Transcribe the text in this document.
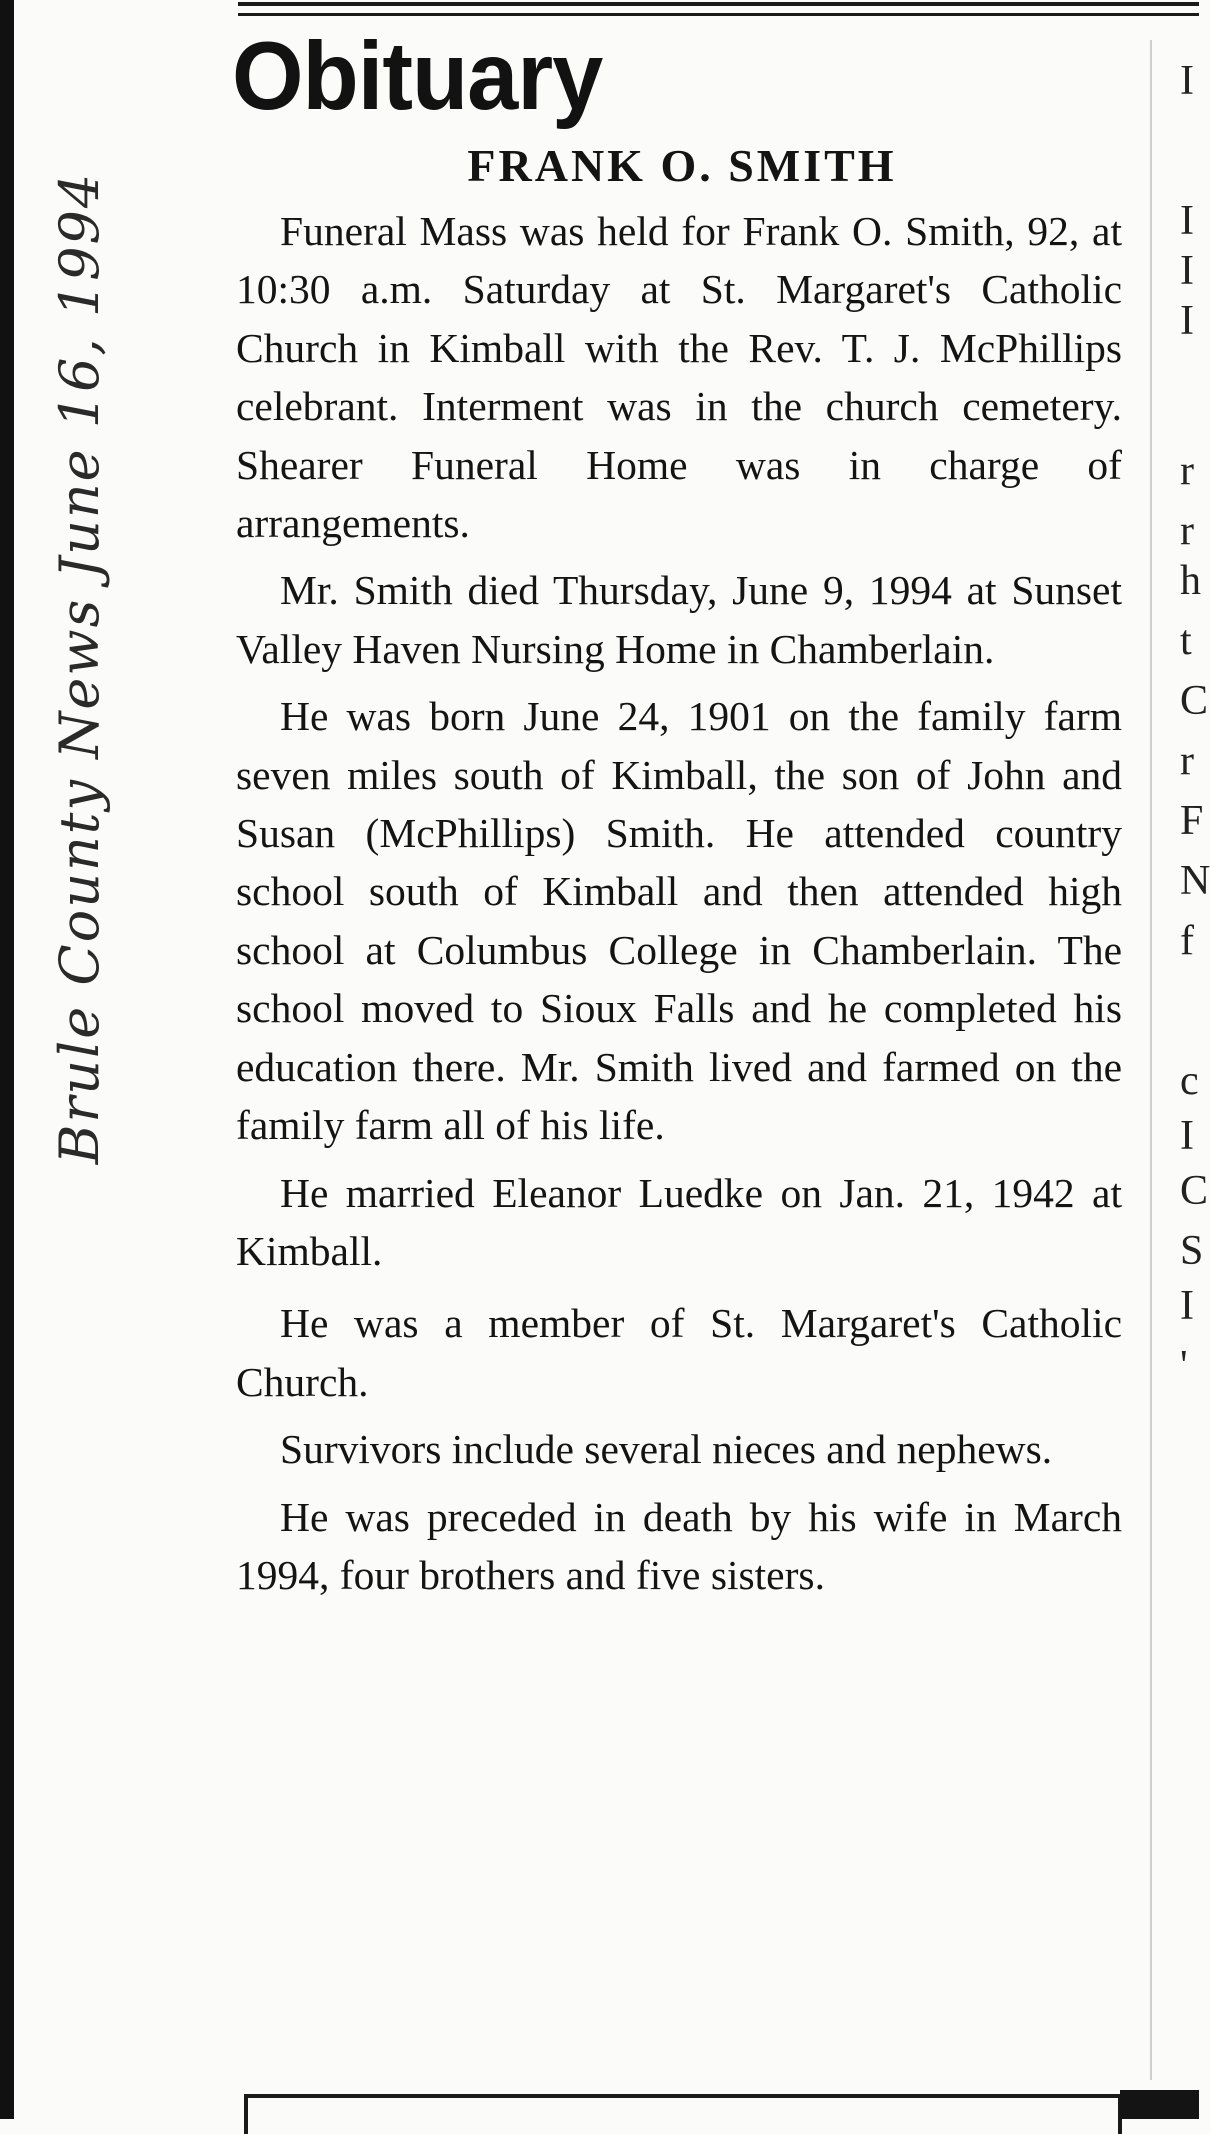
Brule County News June 16, 1994
Obituary
FRANK O. SMITH

Funeral Mass was held for Frank O. Smith, 92, at 10:30 a.m. Saturday at St. Margaret's Catholic Church in Kimball with the Rev. T. J. McPhillips celebrant. Interment was in the church cemetery. Shearer Funeral Home was in charge of arrangements.

Mr. Smith died Thursday, June 9, 1994 at Sunset Valley Haven Nursing Home in Chamberlain.

He was born June 24, 1901 on the family farm seven miles south of Kimball, the son of John and Susan (McPhillips) Smith. He attended country school south of Kimball and then attended high school at Columbus College in Chamberlain. The school moved to Sioux Falls and he completed his education there. Mr. Smith lived and farmed on the family farm all of his life.

He married Eleanor Luedke on Jan. 21, 1942 at Kimball.

He was a member of St. Margaret's Catholic Church.

Survivors include several nieces and nephews.

He was preceded in death by his wife in March 1994, four brothers and five sisters.

I
I
I
I
r
r
h
t
C
r
F
N
f
c
I
C
S
I
'
